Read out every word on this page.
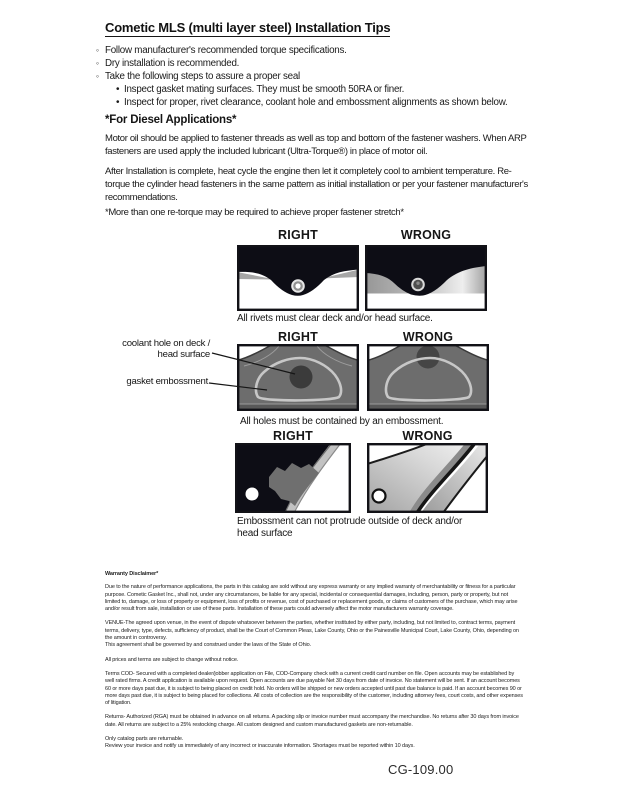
Cometic MLS (multi layer steel) Installation Tips
◦ Follow manufacturer's recommended torque specifications.
◦ Dry installation is recommended.
◦ Take the following steps to assure a proper seal
• Inspect gasket mating surfaces. They must be smooth 50RA or finer.
• Inspect for proper, rivet clearance, coolant hole and embossment alignments as shown below.
*For Diesel Applications*
Motor oil should be applied to fastener threads as well as top and bottom of the fastener washers. When ARP fasteners are used apply the included lubricant (Ultra-Torque®) in place of motor oil.
After Installation is complete, heat cycle the engine then let it completely cool to ambient temperature. Re-torque the cylinder head fasteners in the same pattern as initial installation or per your fastener manufacturer's recommendations.
*More than one re-torque may be required to achieve proper fastener stretch*
RIGHT	WRONG
All rivets must clear deck and/or head surface.
RIGHT	WRONG
coolant hole on deck / head surface
gasket embossment
All holes must be contained by an embossment.
RIGHT	WRONG
Embossment can not protrude outside of deck and/or head surface
Warranty Disclaimer*

Due to the nature of performance applications, the parts in this catalog are sold without any express warranty or any implied warranty of merchantability or fitness for a particular purpose. Cometic Gasket Inc., shall not, under any circumstances, be liable for any special, incidental or consequential damages, including, person, party or property, but not limited to, damage, or loss of property or equipment, loss of profits or revenue, cost of purchased or replacement goods, or claims of customers of the purchase, which may arise and/or result from sale, installation or use of these parts. Installation of these parts could adversely affect the motor manufacturers warranty coverage.

VENUE-The agreed upon venue, in the event of dispute whatsoever between the parties, whether instituted by either party, including, but not limited to, contract terms, payment terms, delivery, type, defects, sufficiency of product, shall be the Court of Common Pleas, Lake County, Ohio or the Painesville Municipal Court, Lake County, Ohio, depending on the amount in controversy.

This agreement shall be governed by and construed under the laws of the State of Ohio.

All prices and terms are subject to change without notice.

Terms COD- Secured with a completed dealer/jobber application on File, COD-Company check with a current credit card number on file. Open accounts may be established by well rated firms. A credit application is available upon request. Open accounts are due payable Net 30 days from date of invoice. No statement will be sent. If an account becomes 60 or more days past due, it is subject to being placed on credit hold. No orders will be shipped or new orders accepted until past due balance is paid. If an account becomes 90 or more days past due, it is subject to being placed for collections. All costs of collection are the responsibility of the customer, including attorney fees, court costs, and other expenses of litigation.

Returns- Authorized (RGA) must be obtained in advance on all returns. A packing slip or invoice number must accompany the merchandise. No returns after 30 days from invoice date. All returns are subject to a 25% restocking charge. All custom designed and custom manufactured gaskets are non-returnable.

Only catalog parts are returnable.

Review your invoice and notify us immediately of any incorrect or inaccurate information. Shortages must be reported within 10 days.

CG-109.00
